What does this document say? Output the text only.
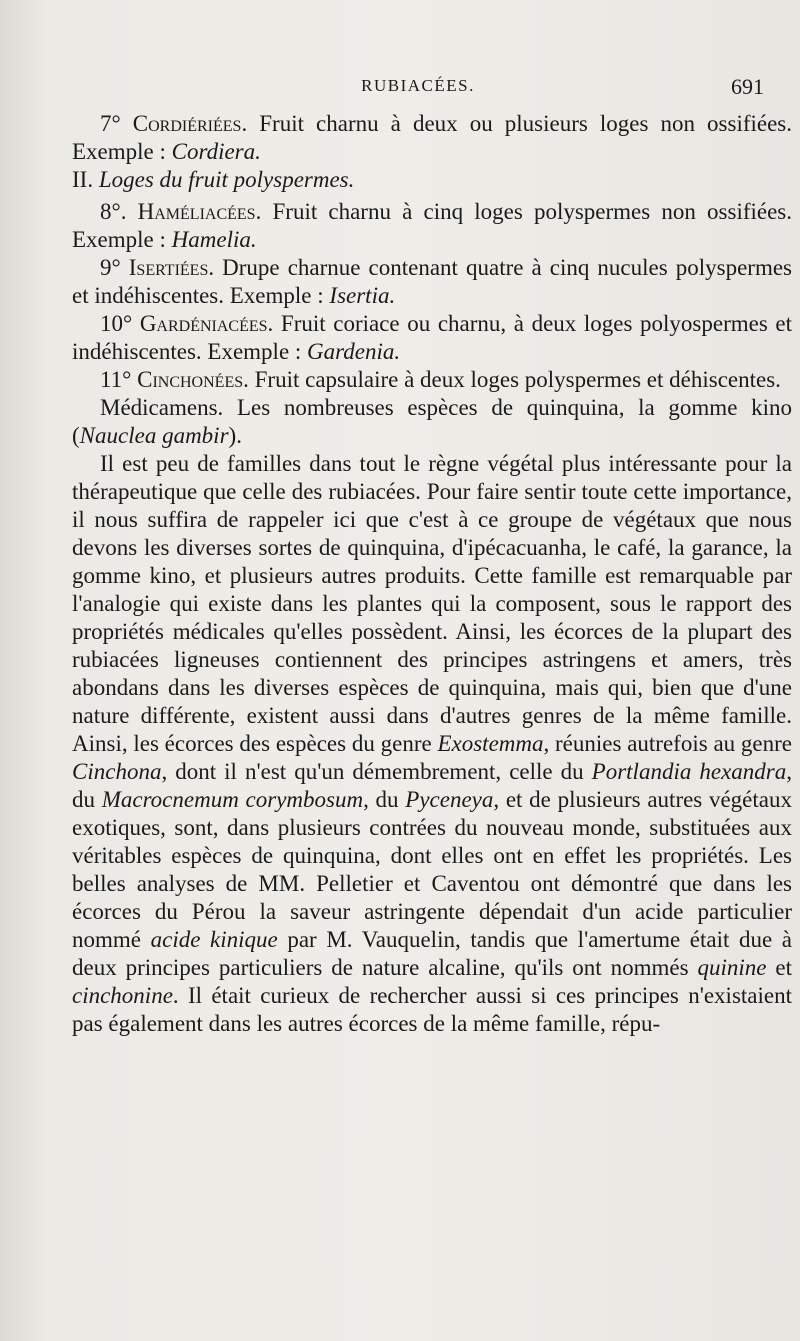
RUBIACÉES.	691

7° Cordiériées. Fruit charnu à deux ou plusieurs loges non ossifiées. Exemple : Cordiera.

II. Loges du fruit polyspermes.

8°. Haméliacées. Fruit charnu à cinq loges polyspermes non ossifiées. Exemple : Hamelia.

9° Isertiées. Drupe charnue contenant quatre à cinq nucules polyspermes et indéhiscentes. Exemple : Isertia.

10° Gardéniacées. Fruit coriace ou charnu, à deux loges polyospermes et indéhiscentes. Exemple : Gardenia.

11° Cinchonées. Fruit capsulaire à deux loges polyspermes et déhiscentes.

Médicamens. Les nombreuses espèces de quinquina, la gomme kino (Nauclea gambir).

Il est peu de familles dans tout le règne végétal plus intéressante pour la thérapeutique que celle des rubiacées. Pour faire sentir toute cette importance, il nous suffira de rappeler ici que c'est à ce groupe de végétaux que nous devons les diverses sortes de quinquina, d'ipécacuanha, le café, la garance, la gomme kino, et plusieurs autres produits. Cette famille est remarquable par l'analogie qui existe dans les plantes qui la composent, sous le rapport des propriétés médicales qu'elles possèdent. Ainsi, les écorces de la plupart des rubiacées ligneuses contiennent des principes astringens et amers, très abondans dans les diverses espèces de quinquina, mais qui, bien que d'une nature différente, existent aussi dans d'autres genres de la même famille. Ainsi, les écorces des espèces du genre Exostemma, réunies autrefois au genre Cinchona, dont il n'est qu'un démembrement, celle du Portlandia hexandra, du Macrocnemum corymbosum, du Pyceneya, et de plusieurs autres végétaux exotiques, sont, dans plusieurs contrées du nouveau monde, substituées aux véritables espèces de quinquina, dont elles ont en effet les propriétés. Les belles analyses de MM. Pelletier et Caventou ont démontré que dans les écorces du Pérou la saveur astringente dépendait d'un acide particulier nommé acide kinique par M. Vauquelin, tandis que l'amertume était due à deux principes particuliers de nature alcaline, qu'ils ont nommés quinine et cinchonine. Il était curieux de rechercher aussi si ces principes n'existaient pas également dans les autres écorces de la même famille, répu-
